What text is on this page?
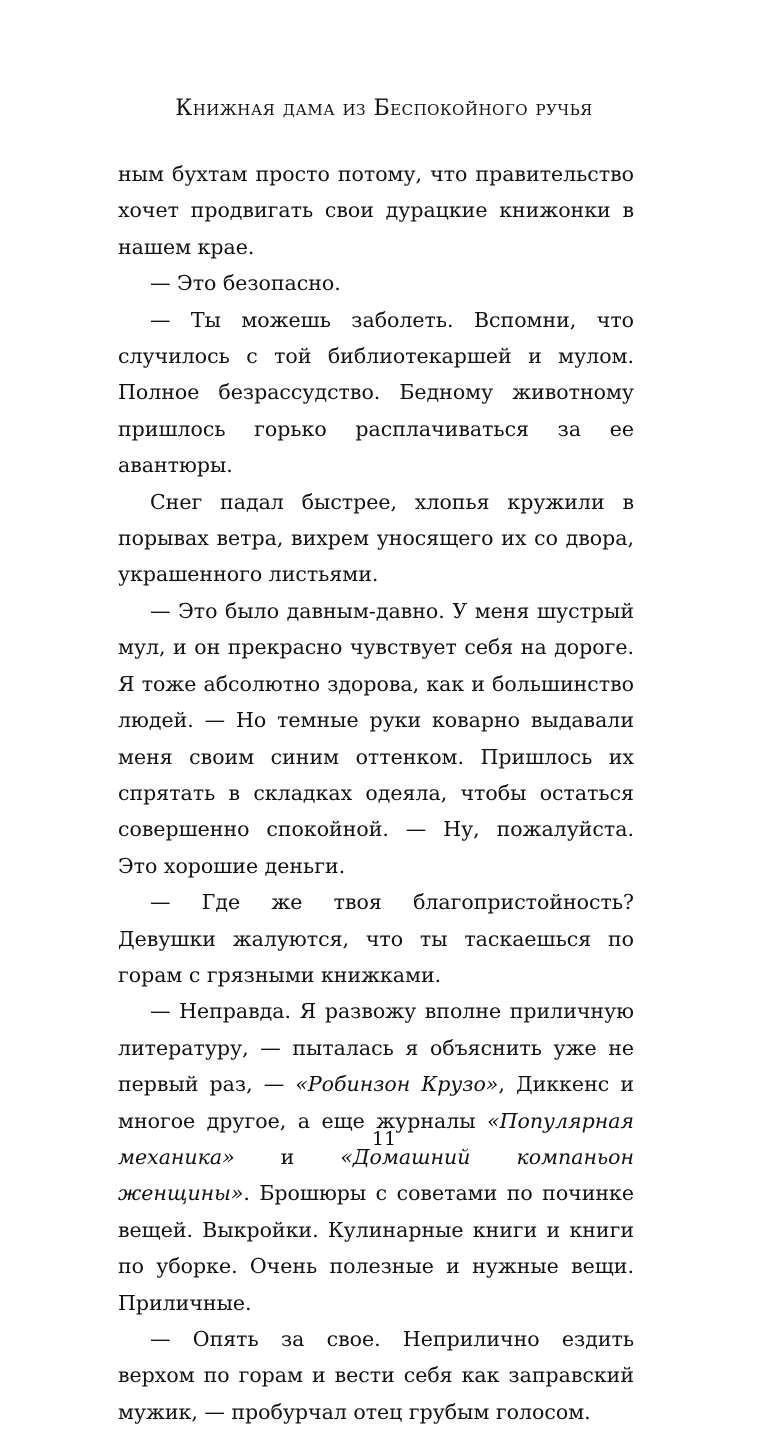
Книжная дама из Беспокойного ручья

ным бухтам просто потому, что правительство хочет продвигать свои дурацкие книжонки в нашем крае.

— Это безопасно.

— Ты можешь заболеть. Вспомни, что случилось с той библиотекаршей и мулом. Полное безрассудство. Бедному животному пришлось горько расплачиваться за ее авантюры.

Снег падал быстрее, хлопья кружили в порывах ветра, вихрем уносящего их со двора, украшенного листьями.

— Это было давным-давно. У меня шустрый мул, и он прекрасно чувствует себя на дороге. Я тоже абсолютно здорова, как и большинство людей. — Но темные руки коварно выдавали меня своим синим оттенком. Пришлось их спрятать в складках одеяла, чтобы остаться совершенно спокойной. — Ну, пожалуйста. Это хорошие деньги.

— Где же твоя благопристойность? Девушки жалуются, что ты таскаешься по горам с грязными книжками.

— Неправда. Я развожу вполне приличную литературу, — пыталась я объяснить уже не первый раз, — «Робинзон Крузо», Диккенс и многое другое, а еще журналы «Популярная механика» и «Домашний компаньон женщины». Брошюры с советами по починке вещей. Выкройки. Кулинарные книги и книги по уборке. Очень полезные и нужные вещи. Приличные.

— Опять за свое. Неприлично ездить верхом по горам и вести себя как заправский мужик, — пробурчал отец грубым голосом.

11
